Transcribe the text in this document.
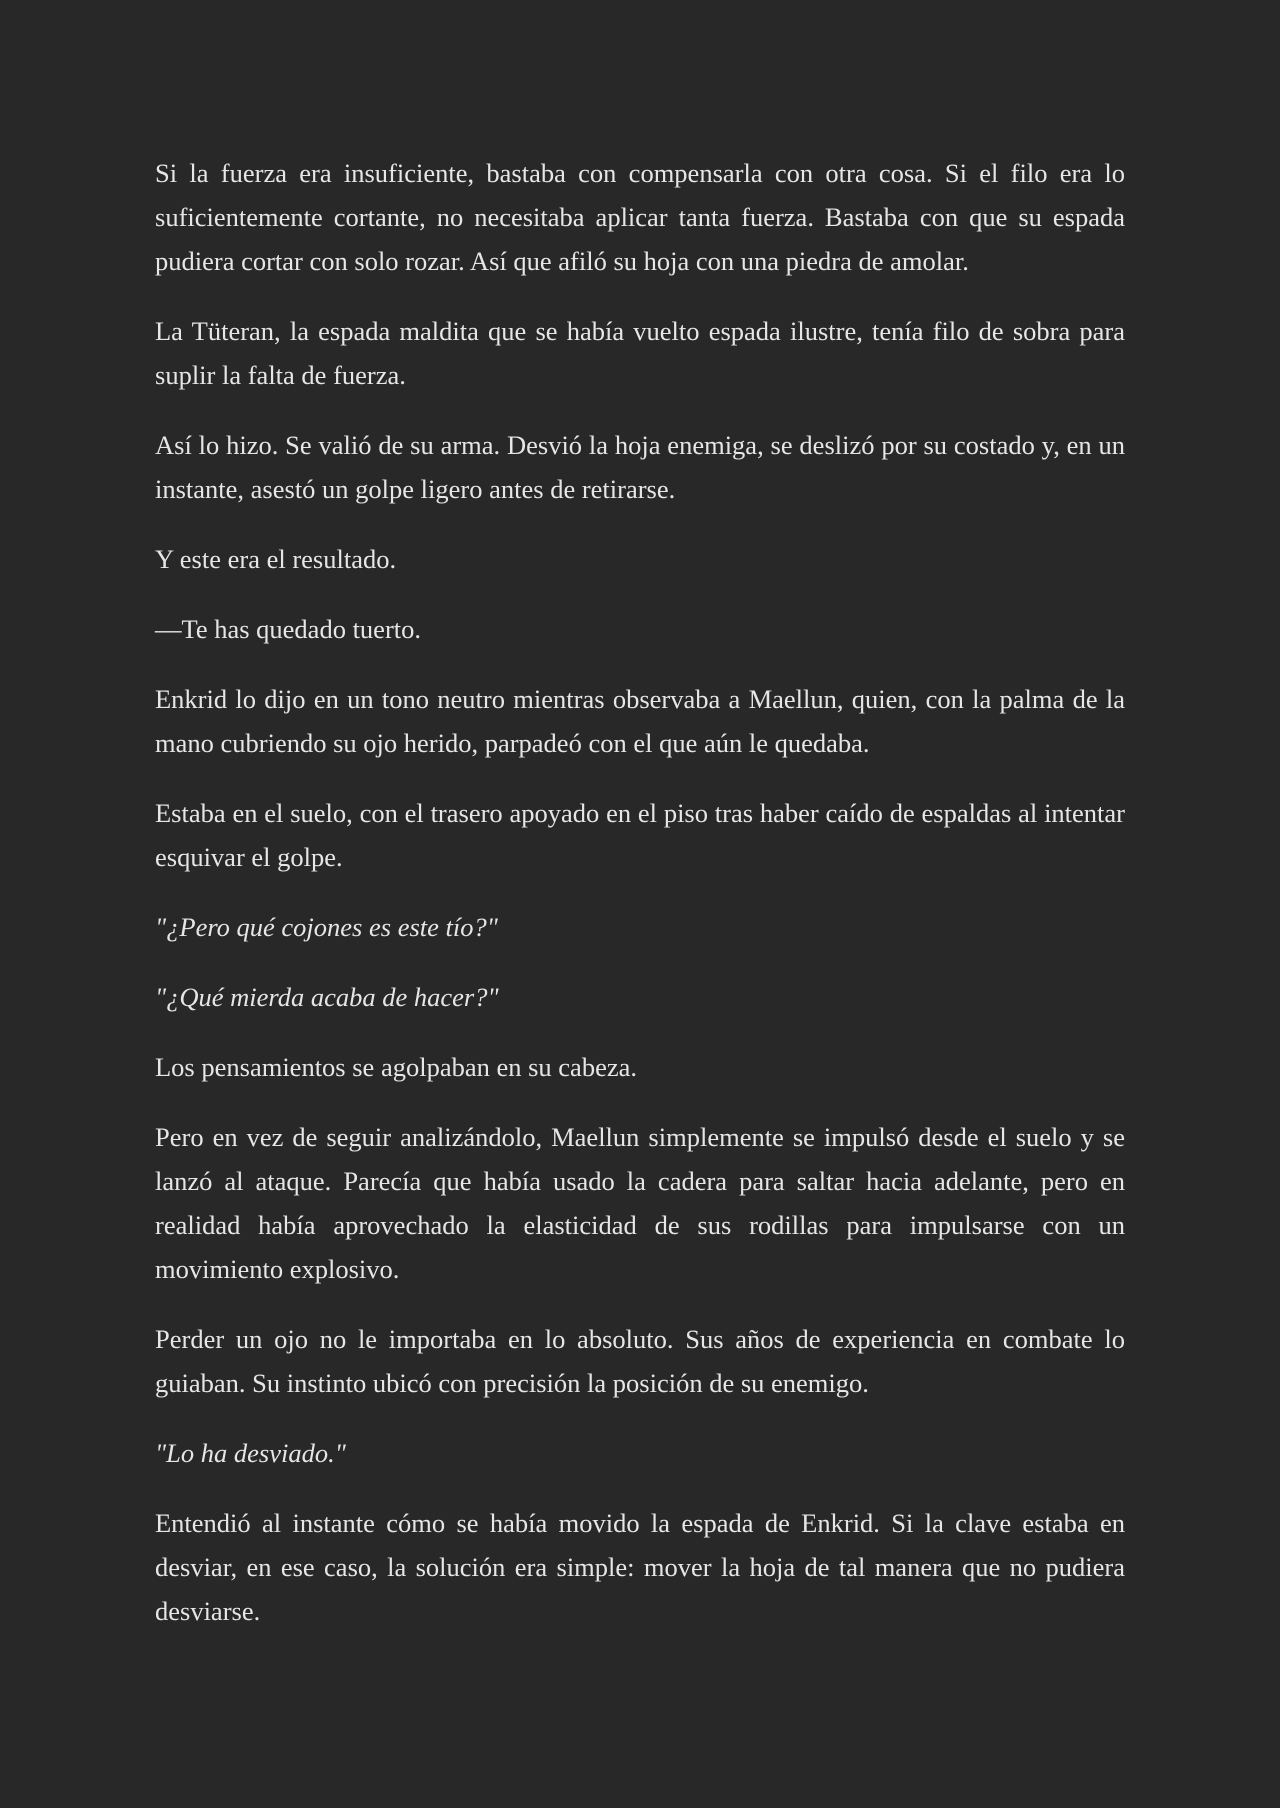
Si la fuerza era insuficiente, bastaba con compensarla con otra cosa. Si el filo era lo suficientemente cortante, no necesitaba aplicar tanta fuerza. Bastaba con que su espada pudiera cortar con solo rozar. Así que afiló su hoja con una piedra de amolar.

La Tüteran, la espada maldita que se había vuelto espada ilustre, tenía filo de sobra para suplir la falta de fuerza.

Así lo hizo. Se valió de su arma. Desvió la hoja enemiga, se deslizó por su costado y, en un instante, asestó un golpe ligero antes de retirarse.

Y este era el resultado.

—Te has quedado tuerto.

Enkrid lo dijo en un tono neutro mientras observaba a Maellun, quien, con la palma de la mano cubriendo su ojo herido, parpadeó con el que aún le quedaba.

Estaba en el suelo, con el trasero apoyado en el piso tras haber caído de espaldas al intentar esquivar el golpe.

"¿Pero qué cojones es este tío?"

"¿Qué mierda acaba de hacer?"

Los pensamientos se agolpaban en su cabeza.

Pero en vez de seguir analizándolo, Maellun simplemente se impulsó desde el suelo y se lanzó al ataque. Parecía que había usado la cadera para saltar hacia adelante, pero en realidad había aprovechado la elasticidad de sus rodillas para impulsarse con un movimiento explosivo.

Perder un ojo no le importaba en lo absoluto. Sus años de experiencia en combate lo guiaban. Su instinto ubicó con precisión la posición de su enemigo.

"Lo ha desviado."

Entendió al instante cómo se había movido la espada de Enkrid. Si la clave estaba en desviar, en ese caso, la solución era simple: mover la hoja de tal manera que no pudiera desviarse.
